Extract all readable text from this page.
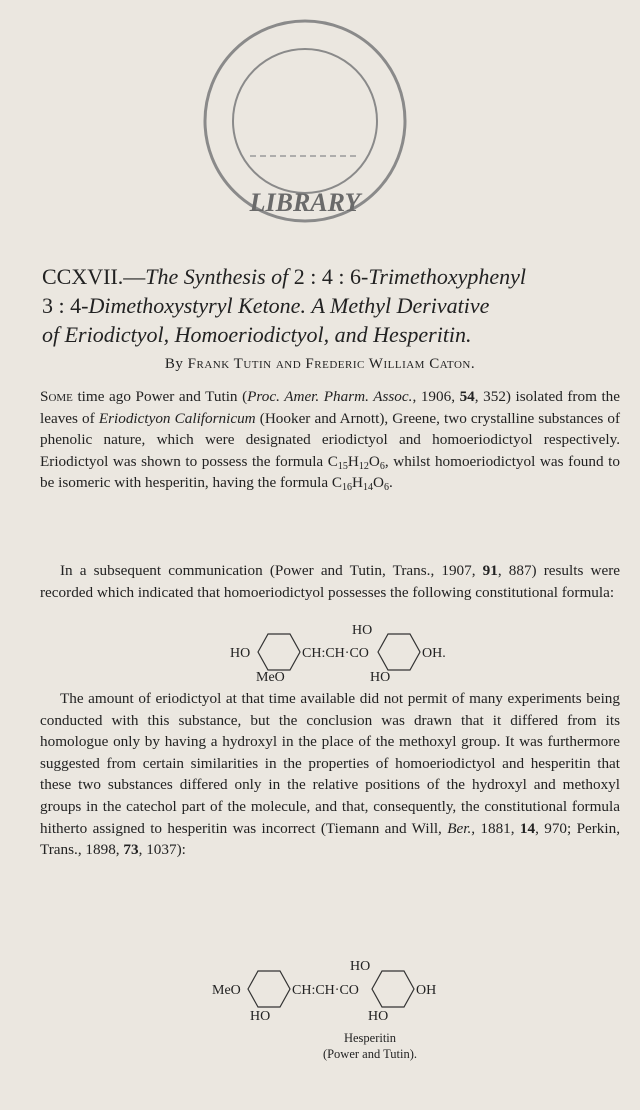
LIBRARY
CCXVII.—The Synthesis of 2 : 4 : 6-Trimethoxyphenyl
3 : 4-Dimethoxystyryl Ketone. A Methyl Derivative
of Eriodictyol, Homoeriodictyol, and Hesperitin.
By Frank Tutin and Frederic William Caton.

Some time ago Power and Tutin (Proc. Amer. Pharm. Assoc., 1906, 54, 352) isolated from the leaves of Eriodictyon Californicum (Hooker and Arnott), Greene, two crystalline substances of phenolic nature, which were designated eriodictyol and homoeriodictyol respectively. Eriodictyol was shown to possess the formula $C_{15}H_{12}O_6$, whilst homoeriodictyol was found to be isomeric with hesperitin, having the formula $C_{16}H_{14}O_6$.

In a subsequent communication (Power and Tutin, Trans., 1907, 91, 887) results were recorded which indicated that homoeriodictyol possesses the following constitutional formula:

HO
HO	CH:CH·CO	OH.
MeO	HO

The amount of eriodictyol at that time available did not permit of many experiments being conducted with this substance, but the conclusion was drawn that it differed from its homologue only by having a hydroxyl in the place of the methoxyl group. It was furthermore suggested from certain similarities in the properties of homoeriodictyol and hesperitin that these two substances differed only in the relative positions of the hydroxyl and methoxyl groups in the catechol part of the molecule, and that, consequently, the constitutional formula hitherto assigned to hesperitin was incorrect (Tiemann and Will, Ber., 1881, 14, 970; Perkin, Trans., 1898, 73, 1037):

HO
MeO	CH:CH·CO	OH
HO	HO
Hesperitin
(Power and Tutin).
